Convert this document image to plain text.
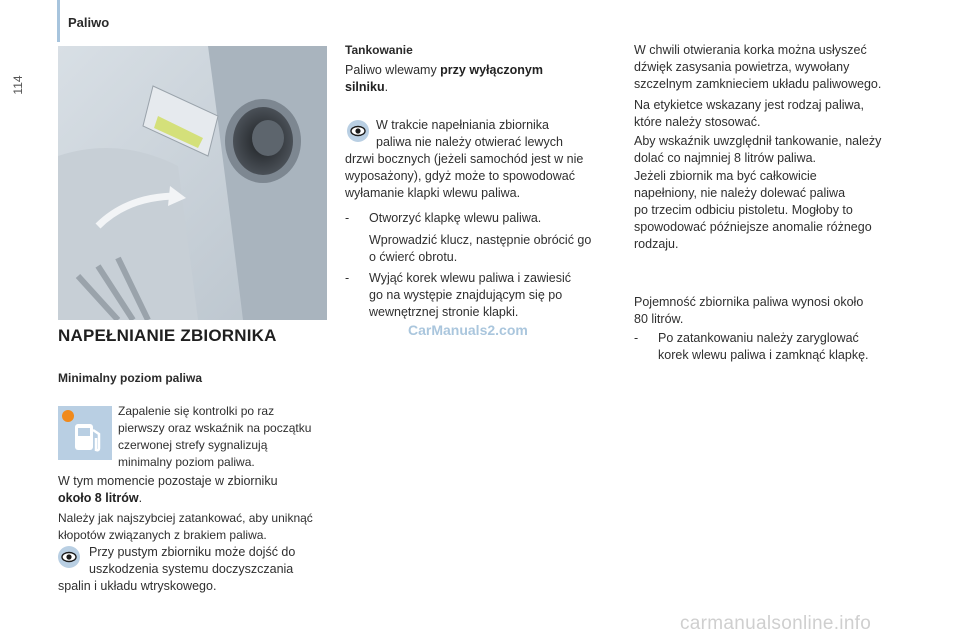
Paliwo
114
NAPEŁNIANIE ZBIORNIKA
Minimalny poziom paliwa
Zapalenie się kontrolki po raz
pierwszy oraz wskaźnik na początku
czerwonej strefy sygnalizują
minimalny poziom paliwa.
W tym momencie pozostaje w zbiorniku
około 8 litrów.
Należy jak najszybciej zatankować, aby uniknąć
kłopotów związanych z brakiem paliwa.
Przy pustym zbiorniku może dojść do
uszkodzenia systemu doczyszczania
spalin i układu wtryskowego.
Tankowanie
Paliwo wlewamy przy wyłączonym
silniku.
W trakcie napełniania zbiornika
paliwa nie należy otwierać lewych
drzwi bocznych (jeżeli samochód jest w nie
wyposażony), gdyż może to spowodować
wyłamanie klapki wlewu paliwa.
-	Otworzyć klapkę wlewu paliwa.
Wprowadzić klucz, następnie obrócić go
o ćwierć obrotu.
- Wyjąć korek wlewu paliwa i zawiesić
go na występie znajdującym się po
wewnętrznej stronie klapki.
CarManuals2.com
W chwili otwierania korka można usłyszeć
dźwięk zasysania powietrza, wywołany
szczelnym zamknieciem układu paliwowego.
Na etykietce wskazany jest rodzaj paliwa,
które należy stosować.
Aby wskaźnik uwzględnił tankowanie, należy
dolać co najmniej 8 litrów paliwa.
Jeżeli zbiornik ma być całkowicie
napełniony, nie należy dolewać paliwa
po trzecim odbiciu pistoletu. Mogłoby to
spowodować późniejsze anomalie różnego
rodzaju.
Pojemność zbiornika paliwa wynosi około
80 litrów.
- Po zatankowaniu należy zaryglować
korek wlewu paliwa i zamknąć klapkę.
carmanualsonline.info
